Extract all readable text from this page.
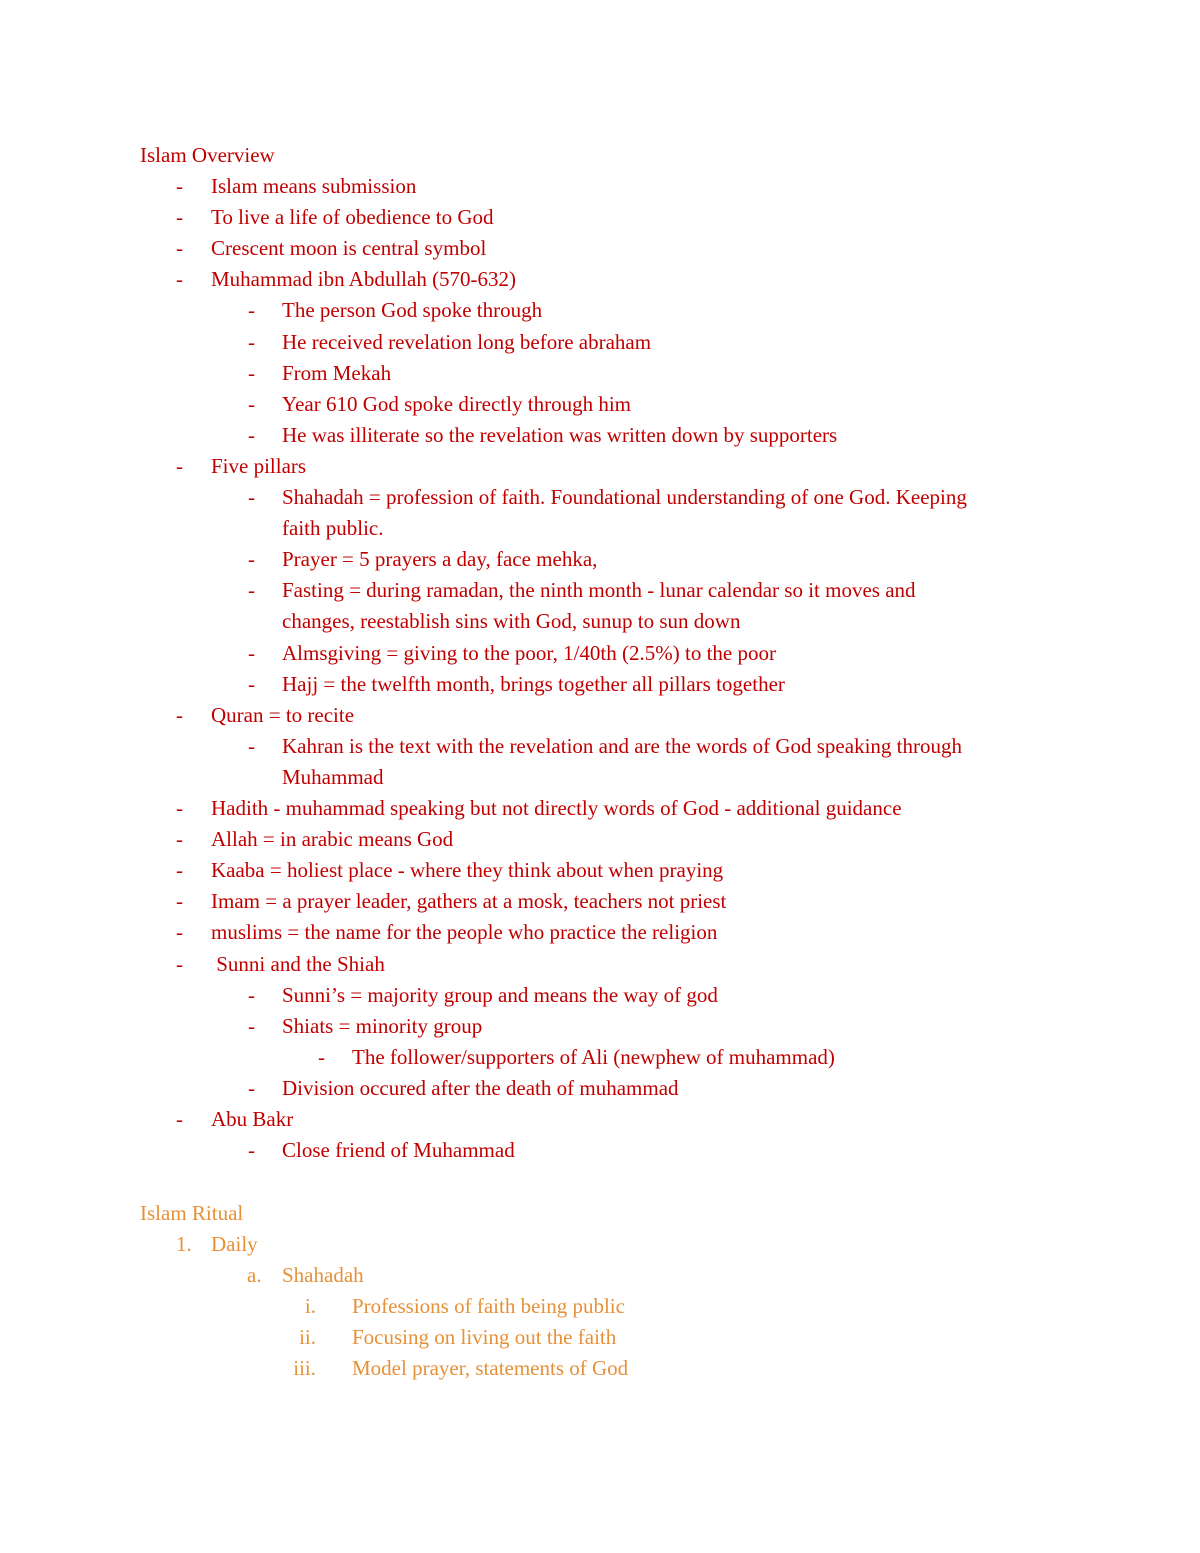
Islam Overview
- Islam means submission
- To live a life of obedience to God
- Crescent moon is central symbol
- Muhammad ibn Abdullah (570-632)
- The person God spoke through
- He received revelation long before abraham
- From Mekah
- Year 610 God spoke directly through him
- He was illiterate so the revelation was written down by supporters
- Five pillars
- Shahadah = profession of faith. Foundational understanding of one God. Keeping
faith public.
- Prayer = 5 prayers a day, face mehka,
- Fasting = during ramadan, the ninth month - lunar calendar so it moves and
changes, reestablish sins with God, sunup to sun down
- Almsgiving = giving to the poor, 1/40th (2.5%) to the poor
- Hajj = the twelfth month, brings together all pillars together
- Quran = to recite
- Kahran is the text with the revelation and are the words of God speaking through
Muhammad
- Hadith - muhammad speaking but not directly words of God - additional guidance
- Allah = in arabic means God
- Kaaba = holiest place - where they think about when praying
- Imam = a prayer leader, gathers at a mosk, teachers not priest
- muslims = the name for the people who practice the religion
- Sunni and the Shiah
- Sunni’s = majority group and means the way of god
- Shiats = minority group
- The follower/supporters of Ali (newphew of muhammad)
- Division occured after the death of muhammad
- Abu Bakr
- Close friend of Muhammad
Islam Ritual
1. Daily
a. Shahadah
i. Professions of faith being public
ii. Focusing on living out the faith
iii. Model prayer, statements of God
